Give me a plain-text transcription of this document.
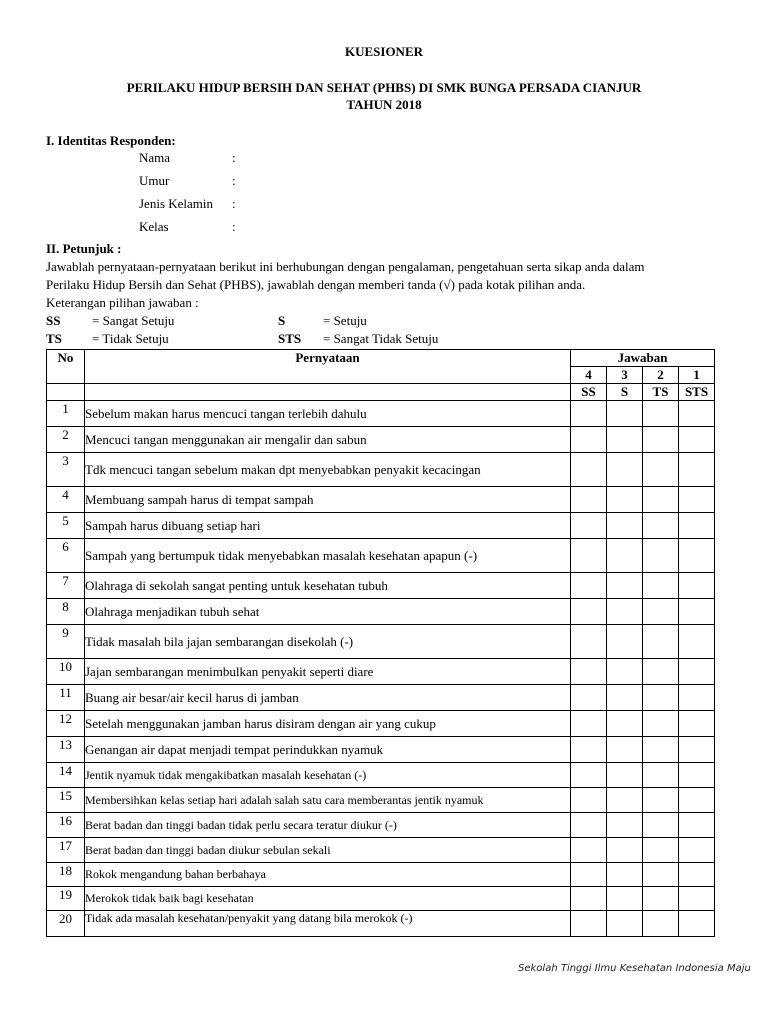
KUESIONER
PERILAKU HIDUP BERSIH DAN SEHAT (PHBS) DI SMK BUNGA PERSADA CIANJUR
TAHUN 2018
I. Identitas Responden:
Nama	:
Umur	:
Jenis Kelamin :
Kelas	:
II. Petunjuk :
Jawablah pernyataan-pernyataan berikut ini berhubungan dengan pengalaman, pengetahuan serta sikap anda dalam
Perilaku Hidup Bersih dan Sehat (PHBS), jawablah dengan memberi tanda (√) pada kotak pilihan anda.
Keterangan pilihan jawaban :
SS = Sangat Setuju	S	= Setuju
TS = Tidak Setuju	STS = Sangat Tidak Setuju
No	Pernyataan	Jawaban			
		4	3	2	1
		SS	S	TS	STS
1	Sebelum makan harus mencuci tangan terlebih dahulu				
2	Mencuci tangan menggunakan air mengalir dan sabun				
3	Tdk mencuci tangan sebelum makan dpt menyebabkan penyakit kecacingan				
4	Membuang sampah harus di tempat sampah				
5	Sampah harus dibuang setiap hari				
6	Sampah yang bertumpuk tidak menyebabkan masalah kesehatan apapun (-)				
7	Olahraga di sekolah sangat penting untuk kesehatan tubuh				
8	Olahraga menjadikan tubuh sehat				
9	Tidak masalah bila jajan sembarangan disekolah (-)				
10	Jajan sembarangan menimbulkan penyakit seperti diare				
11	Buang air besar/air kecil harus di jamban				
12	Setelah menggunakan jamban harus disiram dengan air yang cukup				
13	Genangan air dapat menjadi tempat perindukkan nyamuk				
14	Jentik nyamuk tidak mengakibatkan masalah kesehatan (-)				
15	Membersihkan kelas setiap hari adalah salah satu cara memberantas jentik nyamuk				
16	Berat badan dan tinggi badan tidak perlu secara teratur diukur (-)				
17	Berat badan dan tinggi badan diukur sebulan sekali				
18	Rokok mengandung bahan berbahaya				
19	Merokok tidak baik bagi kesehatan				
20	Tidak ada masalah kesehatan/penyakit yang datang bila merokok (-)				
Sekolah Tinggi Ilmu Kesehatan Indonesia Maju
